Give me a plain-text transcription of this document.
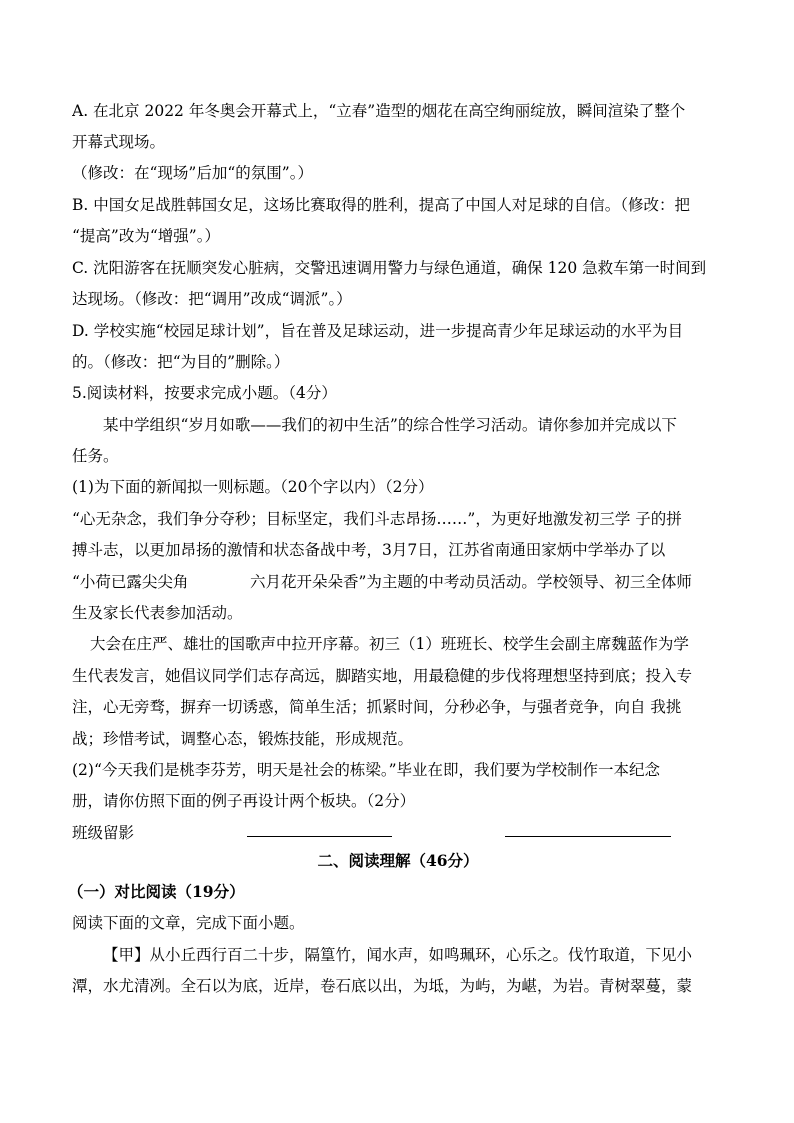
A. 在北京 2022 年冬奥会开幕式上，“立春”造型的烟花在高空绚丽绽放，瞬间渲染了整个
开幕式现场。
（修改：在“现场”后加“的氛围”。）
B. 中国女足战胜韩国女足，这场比赛取得的胜利，提高了中国人对足球的自信。（修改：把
“提高”改为“增强”。）
C. 沈阳游客在抚顺突发心脏病，交警迅速调用警力与绿色通道，确保 120 急救车第一时间到
达现场。（修改：把“调用”改成“调派”。）
D. 学校实施“校园足球计划”，旨在普及足球运动，进一步提高青少年足球运动的水平为目
的。（修改：把“为目的”删除。）
5.阅读材料，按要求完成小题。（4分）
某中学组织“岁月如歌——我们的初中生活”的综合性学习活动。请你参加并完成以下
任务。
(1)为下面的新闻拟一则标题。（20个字以内）（2分）
“心无杂念，我们争分夺秒；目标坚定，我们斗志昂扬……”，为更好地激发初三学 子的拼
搏斗志，以更加昂扬的激情和状态备战中考，3月7日，江苏省南通田家炳中学举办了以
“小荷已露尖尖角	六月花开朵朵香”为主题的中考动员活动。学校领导、初三全体师
生及家长代表参加活动。
大会在庄严、雄壮的国歌声中拉开序幕。初三（1）班班长、校学生会副主席魏蓝作为学
生代表发言，她倡议同学们志存高远，脚踏实地，用最稳健的步伐将理想坚持到底；投入专
注，心无旁骛，摒弃一切诱惑，简单生活；抓紧时间，分秒必争，与强者竞争，向自 我挑
战；珍惜考试，调整心态，锻炼技能，形成规范。
(2)“今天我们是桃李芬芳，明天是社会的栋梁。”毕业在即，我们要为学校制作一本纪念
册，请你仿照下面的例子再设计两个板块。（2分）
班级留影
二、阅读理解（46分）
（一）对比阅读（19分）
阅读下面的文章，完成下面小题。
【甲】从小丘西行百二十步，隔篁竹，闻水声，如鸣珮环，心乐之。伐竹取道，下见小
潭，水尤清冽。全石以为底，近岸，卷石底以出，为坻，为屿，为嵁，为岩。青树翠蔓，蒙
